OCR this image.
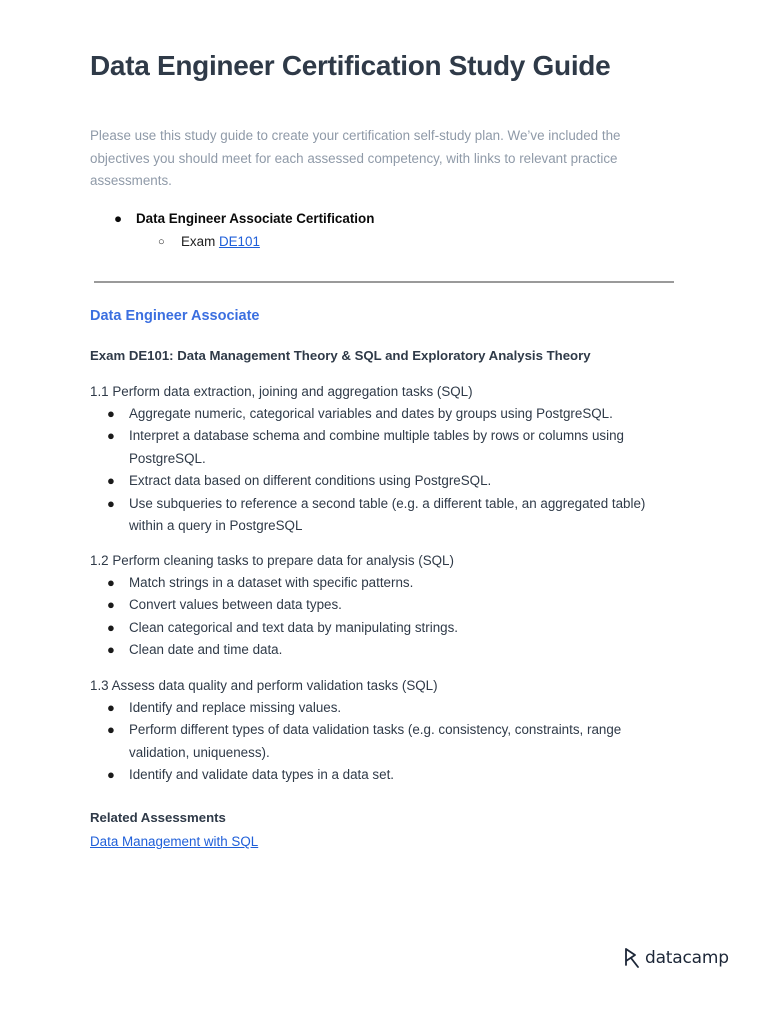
Data Engineer Certification Study Guide

Please use this study guide to create your certification self-study plan. We’ve included the objectives you should meet for each assessed competency, with links to relevant practice assessments.

● Data Engineer Associate Certification
○ Exam DE101
Data Engineer Associate
Exam DE101: Data Management Theory & SQL and Exploratory Analysis Theory

1.1 Perform data extraction, joining and aggregation tasks (SQL)

● Aggregate numeric, categorical variables and dates by groups using PostgreSQL.
● Interpret a database schema and combine multiple tables by rows or columns using PostgreSQL.
● Extract data based on different conditions using PostgreSQL.
● Use subqueries to reference a second table (e.g. a different table, an aggregated table) within a query in PostgreSQL

1.2 Perform cleaning tasks to prepare data for analysis (SQL)

● Match strings in a dataset with specific patterns.
● Convert values between data types.
● Clean categorical and text data by manipulating strings.
● Clean date and time data.

1.3 Assess data quality and perform validation tasks (SQL)

● Identify and replace missing values.
● Perform different types of data validation tasks (e.g. consistency, constraints, range validation, uniqueness).
● Identify and validate data types in a data set.
Related Assessments
Data Management with SQL
datacamp
